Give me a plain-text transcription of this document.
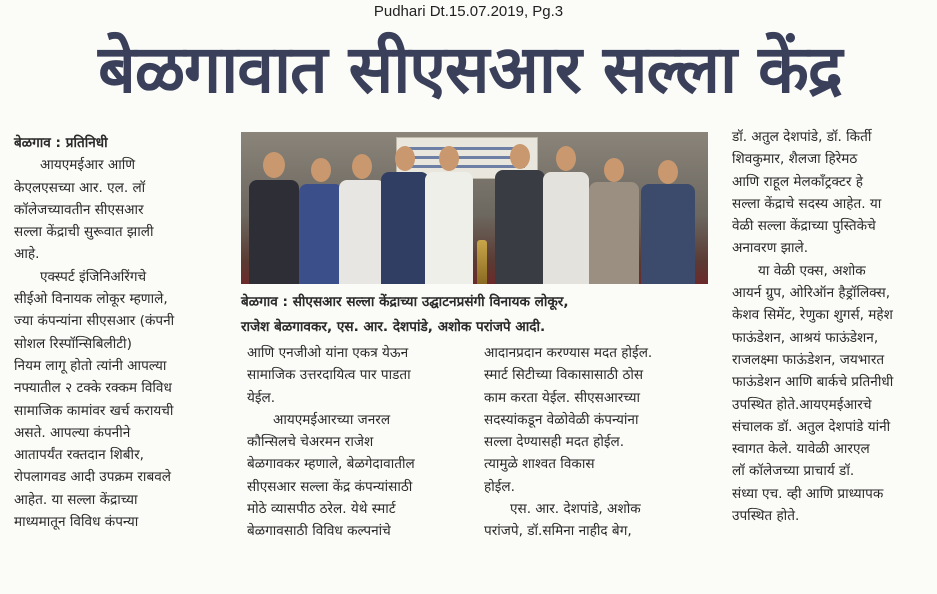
Pudhari Dt.15.07.2019, Pg.3
बेळगावात सीएसआर सल्ला केंद्र

बेळगाव : प्रतिनिधी

आयएमईआर आणि

केएलएसच्या आर. एल. लॉ

कॉलेजच्यावतीन सीएसआर

सल्ला केंद्राची सुरूवात झाली

आहे.

एक्स्पर्ट इंजिनिअरिंगचे

सीईओ विनायक लोकूर म्हणाले,

ज्या कंपन्यांना सीएसआर (कंपनी

सोशल रिस्पॉन्सिबिलीटी)

नियम लागू होतो त्यांनी आपल्या

नफ्यातील २ टक्के रक्कम विविध

सामाजिक कामांवर खर्च करायची

असते. आपल्या कंपनीने

आतापर्यंत रक्तदान शिबीर,

रोपलागवड आदी उपक्रम राबवले

आहेत. या सल्ला केंद्राच्या

माध्यमातून विविध कंपन्या

बेळगाव : सीएसआर सल्ला केंद्राच्या उद्घाटनप्रसंगी विनायक लोकूर,
राजेश बेळगावकर, एस. आर. देशपांडे, अशोक परांजपे आदी.

आणि एनजीओ यांना एकत्र येऊन

सामाजिक उत्तरदायित्व पार पाडता

येईल.

आयएमईआरच्या जनरल

कौन्सिलचे चेअरमन राजेश

बेळगावकर म्हणाले, बेळगेदावातील

सीएसआर सल्ला केंद्र कंपन्यांसाठी

मोठे व्यासपीठ ठरेल. येथे स्मार्ट

बेळगावसाठी विविध कल्पनांचे

आदानप्रदान करण्यास मदत होईल.

स्मार्ट सिटीच्या विकासासाठी ठोस

काम करता येईल. सीएसआरच्या

सदस्यांकडून वेळोवेळी कंपन्यांना

सल्ला देण्यासही मदत होईल.

त्यामुळे शाश्वत विकास

होईल.

एस. आर. देशपांडे, अशोक

परांजपे, डॉ.समिना नाहीद बेग,

डॉ. अतुल देशपांडे, डॉ. किर्ती

शिवकुमार, शैलजा हिरेमठ

आणि राहूल मेलकॉंट्रक्टर हे

सल्ला केंद्राचे सदस्य आहेत. या

वेळी सल्ला केंद्राच्या पुस्तिकेचे

अनावरण झाले.

या वेळी एक्स, अशोक

आयर्न ग्रुप, ओरिऑन हैड्रॉलिक्स,

केशव सिमेंट, रेणुका शुगर्स, महेश

फाऊंडेशन, आश्रयं फाऊंडेशन,

राजलक्ष्मा फाऊंडेशन, जयभारत

फाऊंडेशन आणि बार्कचे प्रतिनीधी

उपस्थित होते.आयएमईआरचे

संचालक डॉ. अतुल देशपांडे यांनी

स्वागत केले. यावेळी आरएल

लॉ कॉलेजच्या प्राचार्य डॉ.

संध्या एच. व्ही आणि प्राध्यापक

उपस्थित होते.
